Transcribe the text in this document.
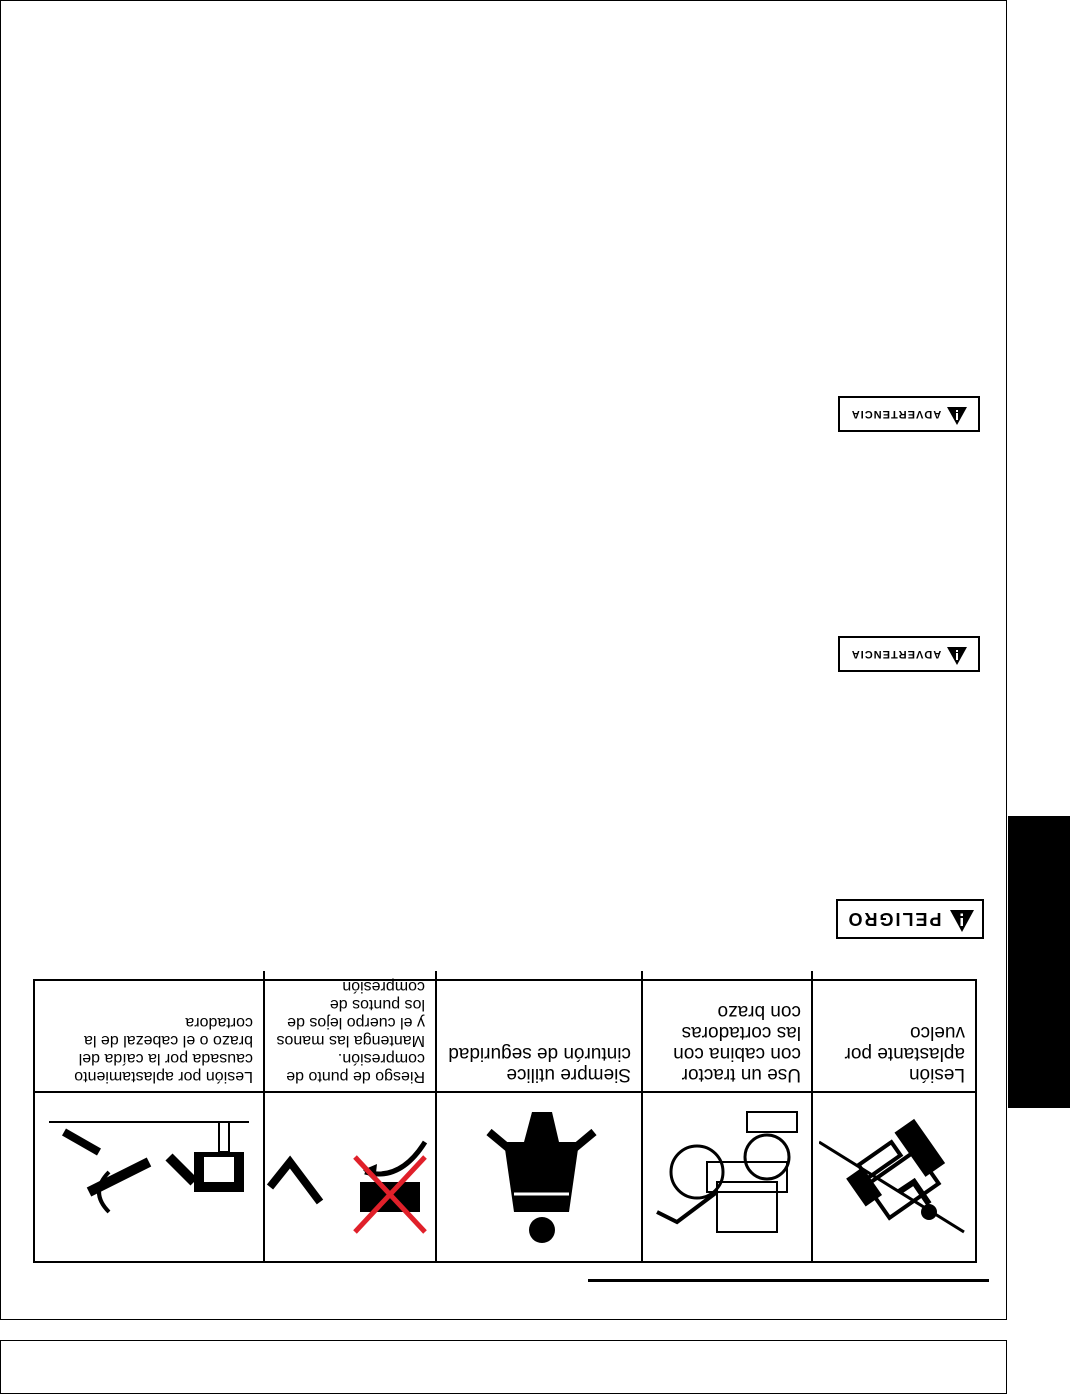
ADVERTENCIA
ADVERTENCIA
PELIGRO
Lesión aplastante por vuelco
Use un tractor con cabina con las cortadoras con brazo
Siempre utilice cinturón de seguridad
Riesgo de punto de compresión. Mantenga las manos y el cuerpo lejos de los puntos de compresión
Lesión por aplastamiento causada por la caída del brazo o el cabezal de la cortadora
